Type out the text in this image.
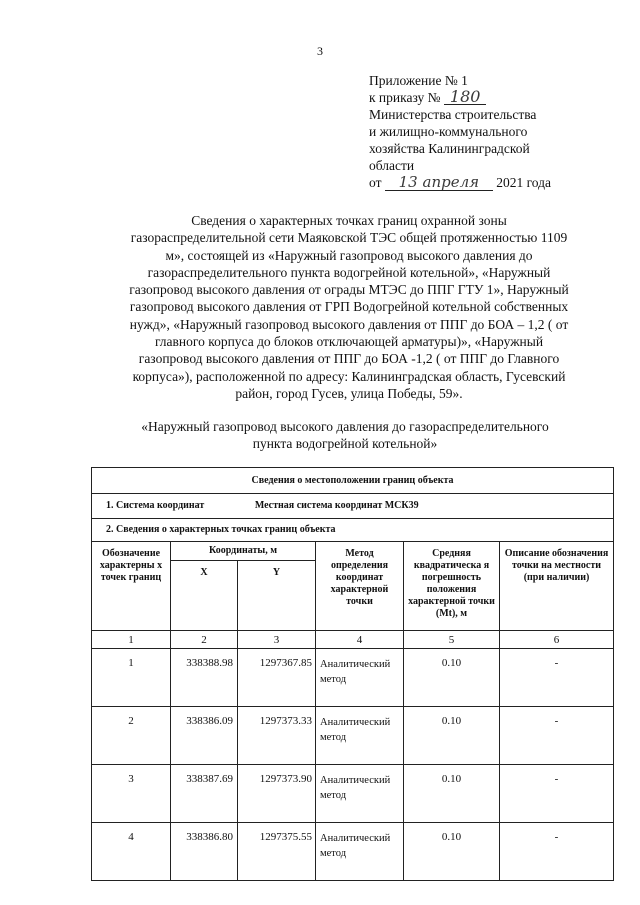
3
Приложение № 1
к приказу № 180
Министерства строительства
и жилищно-коммунального
хозяйства Калининградской
области
от 13 апреля 2021 года
Сведения о характерных точках границ охранной зоны
газораспределительной сети Маяковской ТЭС общей протяженностью 1109
м», состоящей из «Наружный газопровод высокого давления до
газораспределительного пункта водогрейной котельной», «Наружный
газопровод высокого давления от ограды МТЭС до ППГ ГТУ 1», Наружный
газопровод высокого давления от ГРП Водогрейной котельной собственных
нужд», «Наружный газопровод высокого давления от ППГ до БОА – 1,2 ( от
главного корпуса до блоков отключающей арматуры)», «Наружный
газопровод высокого давления от ППГ до БОА -1,2 ( от ППГ до Главного
корпуса»), расположенной по адресу: Калининградская область, Гусевский
район, город Гусев, улица Победы, 59».
«Наружный газопровод высокого давления до газораспределительного
пункта водогрейной котельной»
Сведения о местоположении границ объекта					
1. Система координат Местная система координат МСК39					
2. Сведения о характерных точках границ объекта					
Обозначение характерны х точек границ	Координаты, м		Метод определения координат характерной точки	Средняя квадратическа я погрешность положения характерной точки (Mt), м	Описание обозначения точки на местности (при наличии)
	X	Y			
1	2	3	4	5	6
1	338388.98	1297367.85	Аналитический метод	0.10	-
2	338386.09	1297373.33	Аналитический метод	0.10	-
3	338387.69	1297373.90	Аналитический метод	0.10	-
4	338386.80	1297375.55	Аналитический метод	0.10	-
